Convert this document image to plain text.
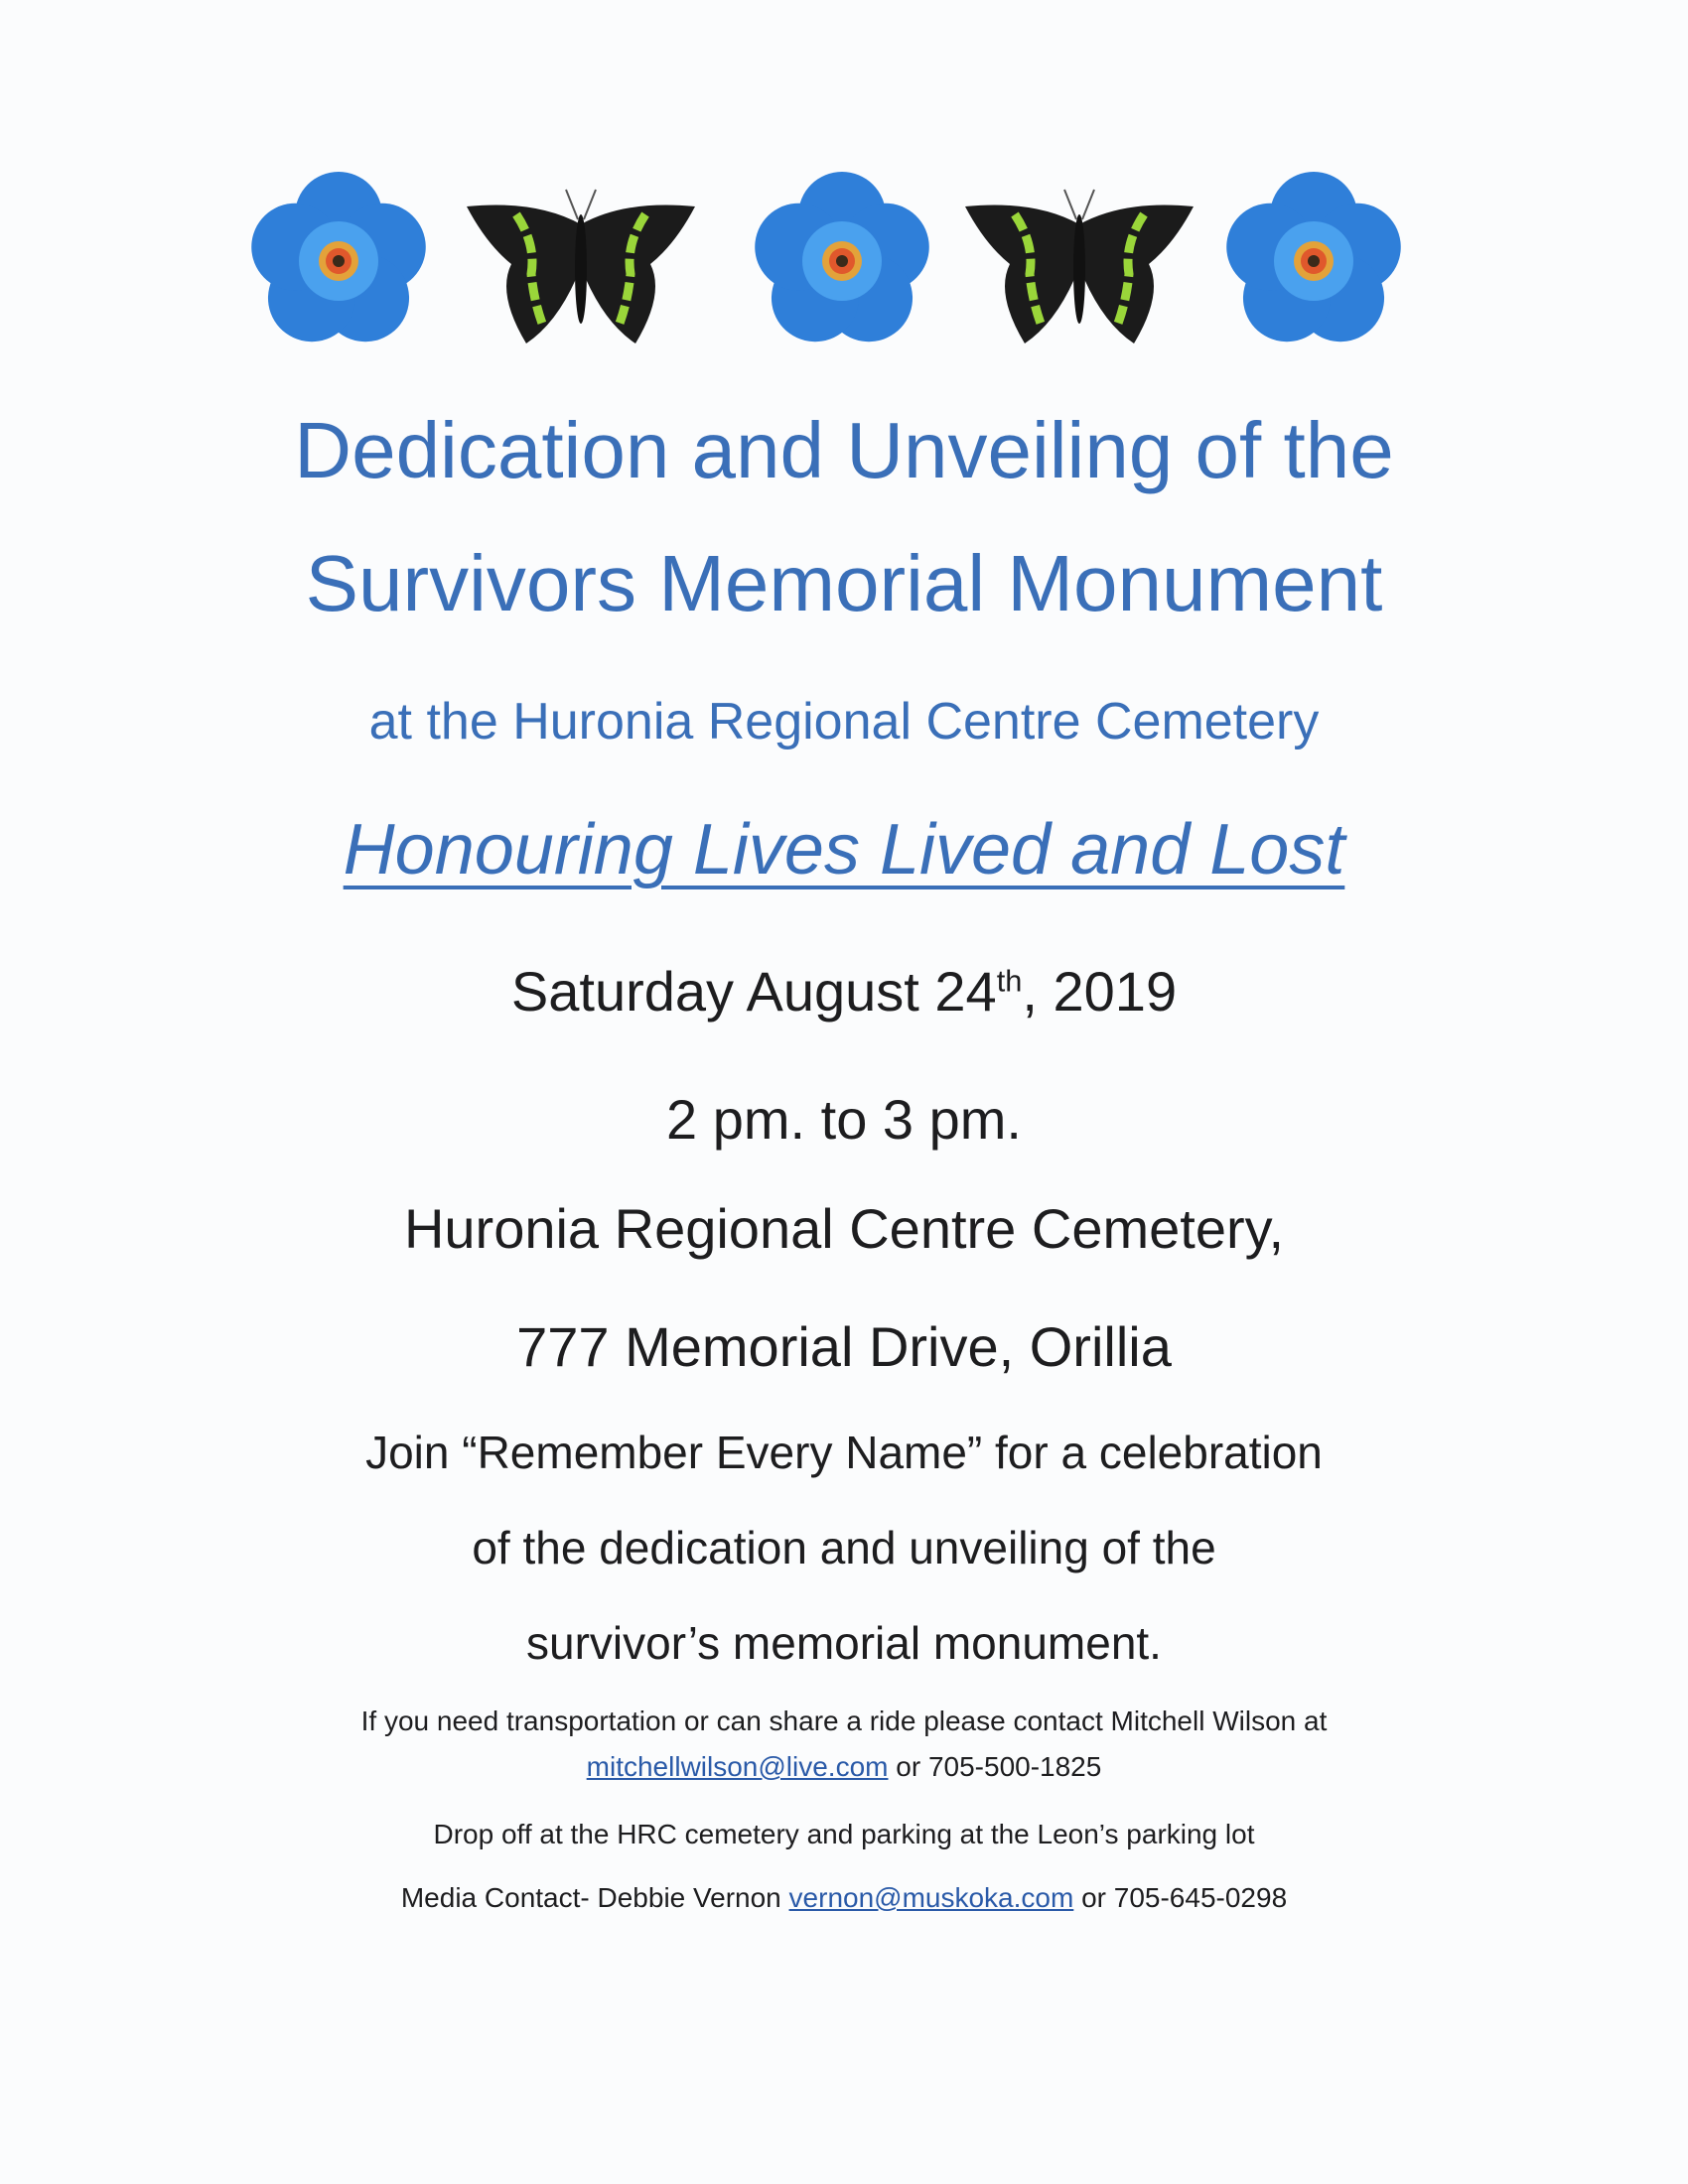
Dedication and Unveiling of the
Survivors Memorial Monument
at the Huronia Regional Centre Cemetery
Honouring Lives Lived and Lost
Saturday August 24th, 2019
2 pm. to 3 pm.
Huronia Regional Centre Cemetery,
777 Memorial Drive, Orillia
Join “Remember Every Name” for a celebration
of the dedication and unveiling of the
survivor’s memorial monument.
If you need transportation or can share a ride please contact Mitchell Wilson at
mitchellwilson@live.com or 705-500-1825
Drop off at the HRC cemetery and parking at the Leon’s parking lot
Media Contact- Debbie Vernon vernon@muskoka.com or 705-645-0298
